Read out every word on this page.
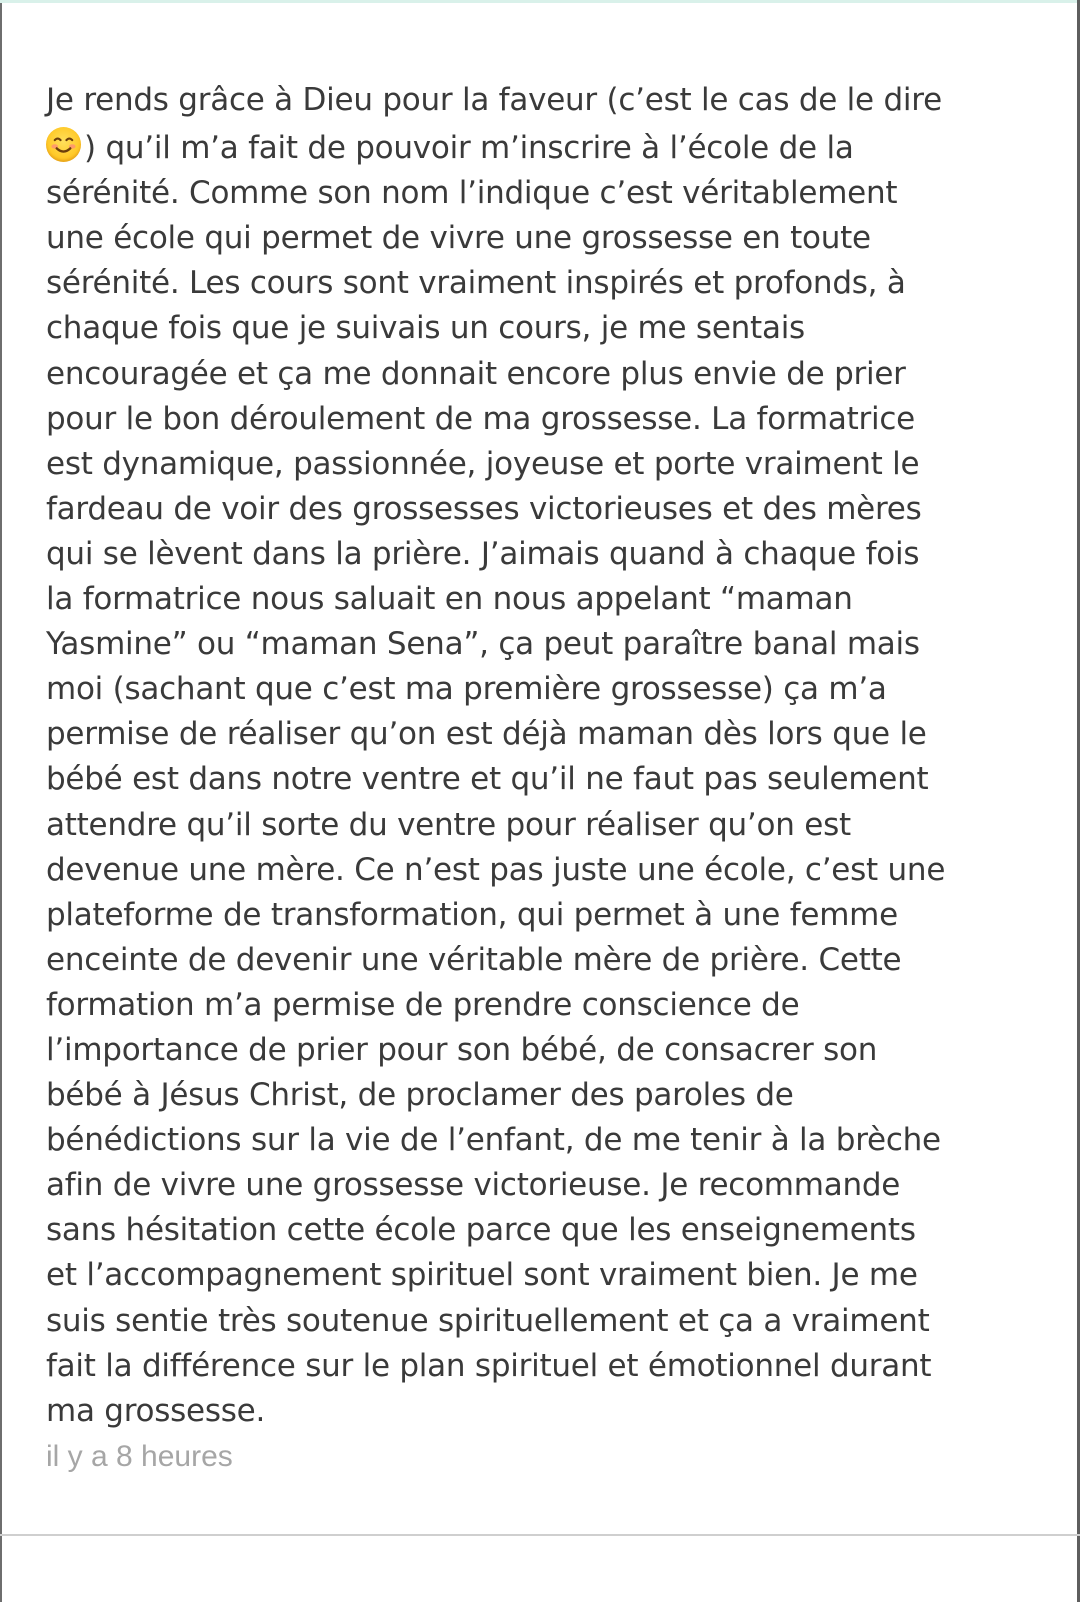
Je rends grâce à Dieu pour la faveur (c’est le cas de le dire

) qu’il m’a fait de pouvoir m’inscrire à l’école de la
sérénité. Comme son nom l’indique c’est véritablement
une école qui permet de vivre une grossesse en toute
sérénité. Les cours sont vraiment inspirés et profonds, à
chaque fois que je suivais un cours, je me sentais
encouragée et ça me donnait encore plus envie de prier
pour le bon déroulement de ma grossesse. La formatrice
est dynamique, passionnée, joyeuse et porte vraiment le
fardeau de voir des grossesses victorieuses et des mères
qui se lèvent dans la prière. J’aimais quand à chaque fois
la formatrice nous saluait en nous appelant “maman
Yasmine” ou “maman Sena”, ça peut paraître banal mais
moi (sachant que c’est ma première grossesse) ça m’a
permise de réaliser qu’on est déjà maman dès lors que le
bébé est dans notre ventre et qu’il ne faut pas seulement
attendre qu’il sorte du ventre pour réaliser qu’on est
devenue une mère. Ce n’est pas juste une école, c’est une
plateforme de transformation, qui permet à une femme
enceinte de devenir une véritable mère de prière. Cette
formation m’a permise de prendre conscience de
l’importance de prier pour son bébé, de consacrer son
bébé à Jésus Christ, de proclamer des paroles de
bénédictions sur la vie de l’enfant, de me tenir à la brèche
afin de vivre une grossesse victorieuse. Je recommande
sans hésitation cette école parce que les enseignements
et l’accompagnement spirituel sont vraiment bien. Je me
suis sentie très soutenue spirituellement et ça a vraiment
fait la différence sur le plan spirituel et émotionnel durant
ma grossesse.

il y a 8 heures
